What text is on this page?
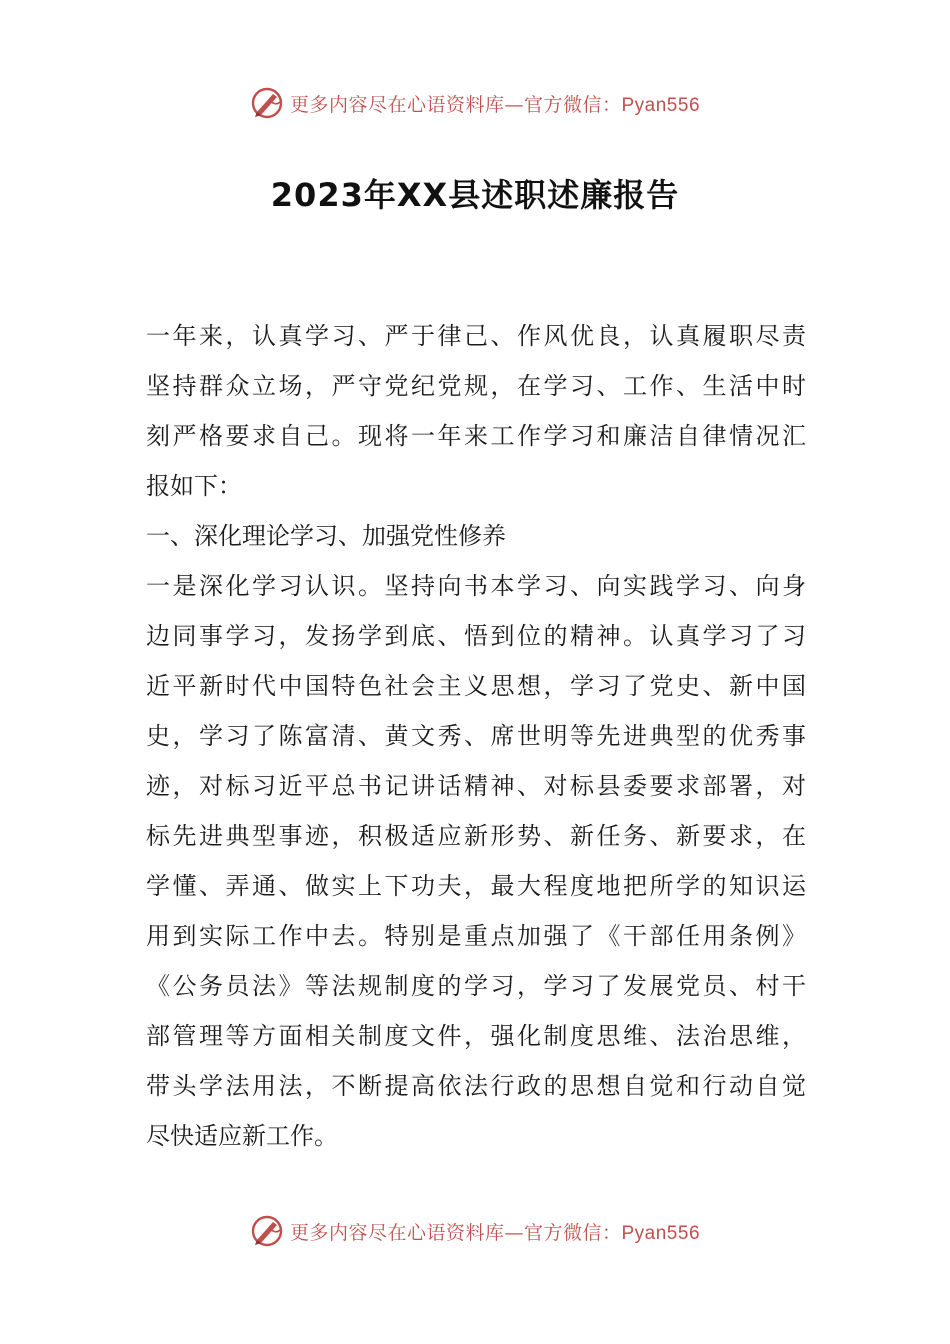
更多内容尽在心语资料库—官方微信：Pyan556
2023年XX县述职述廉报告
一年来，认真学习、严于律己、作风优良，认真履职尽责
坚持群众立场，严守党纪党规，在学习、工作、生活中时
刻严格要求自己。现将一年来工作学习和廉洁自律情况汇
报如下：
一、深化理论学习、加强党性修养
一是深化学习认识。坚持向书本学习、向实践学习、向身
边同事学习，发扬学到底、悟到位的精神。认真学习了习
近平新时代中国特色社会主义思想，学习了党史、新中国
史，学习了陈富清、黄文秀、席世明等先进典型的优秀事
迹，对标习近平总书记讲话精神、对标县委要求部署，对
标先进典型事迹，积极适应新形势、新任务、新要求，在
学懂、弄通、做实上下功夫，最大程度地把所学的知识运
用到实际工作中去。特别是重点加强了《干部任用条例》
《公务员法》等法规制度的学习，学习了发展党员、村干
部管理等方面相关制度文件，强化制度思维、法治思维，
带头学法用法，不断提高依法行政的思想自觉和行动自觉
尽快适应新工作。
更多内容尽在心语资料库—官方微信：Pyan556
